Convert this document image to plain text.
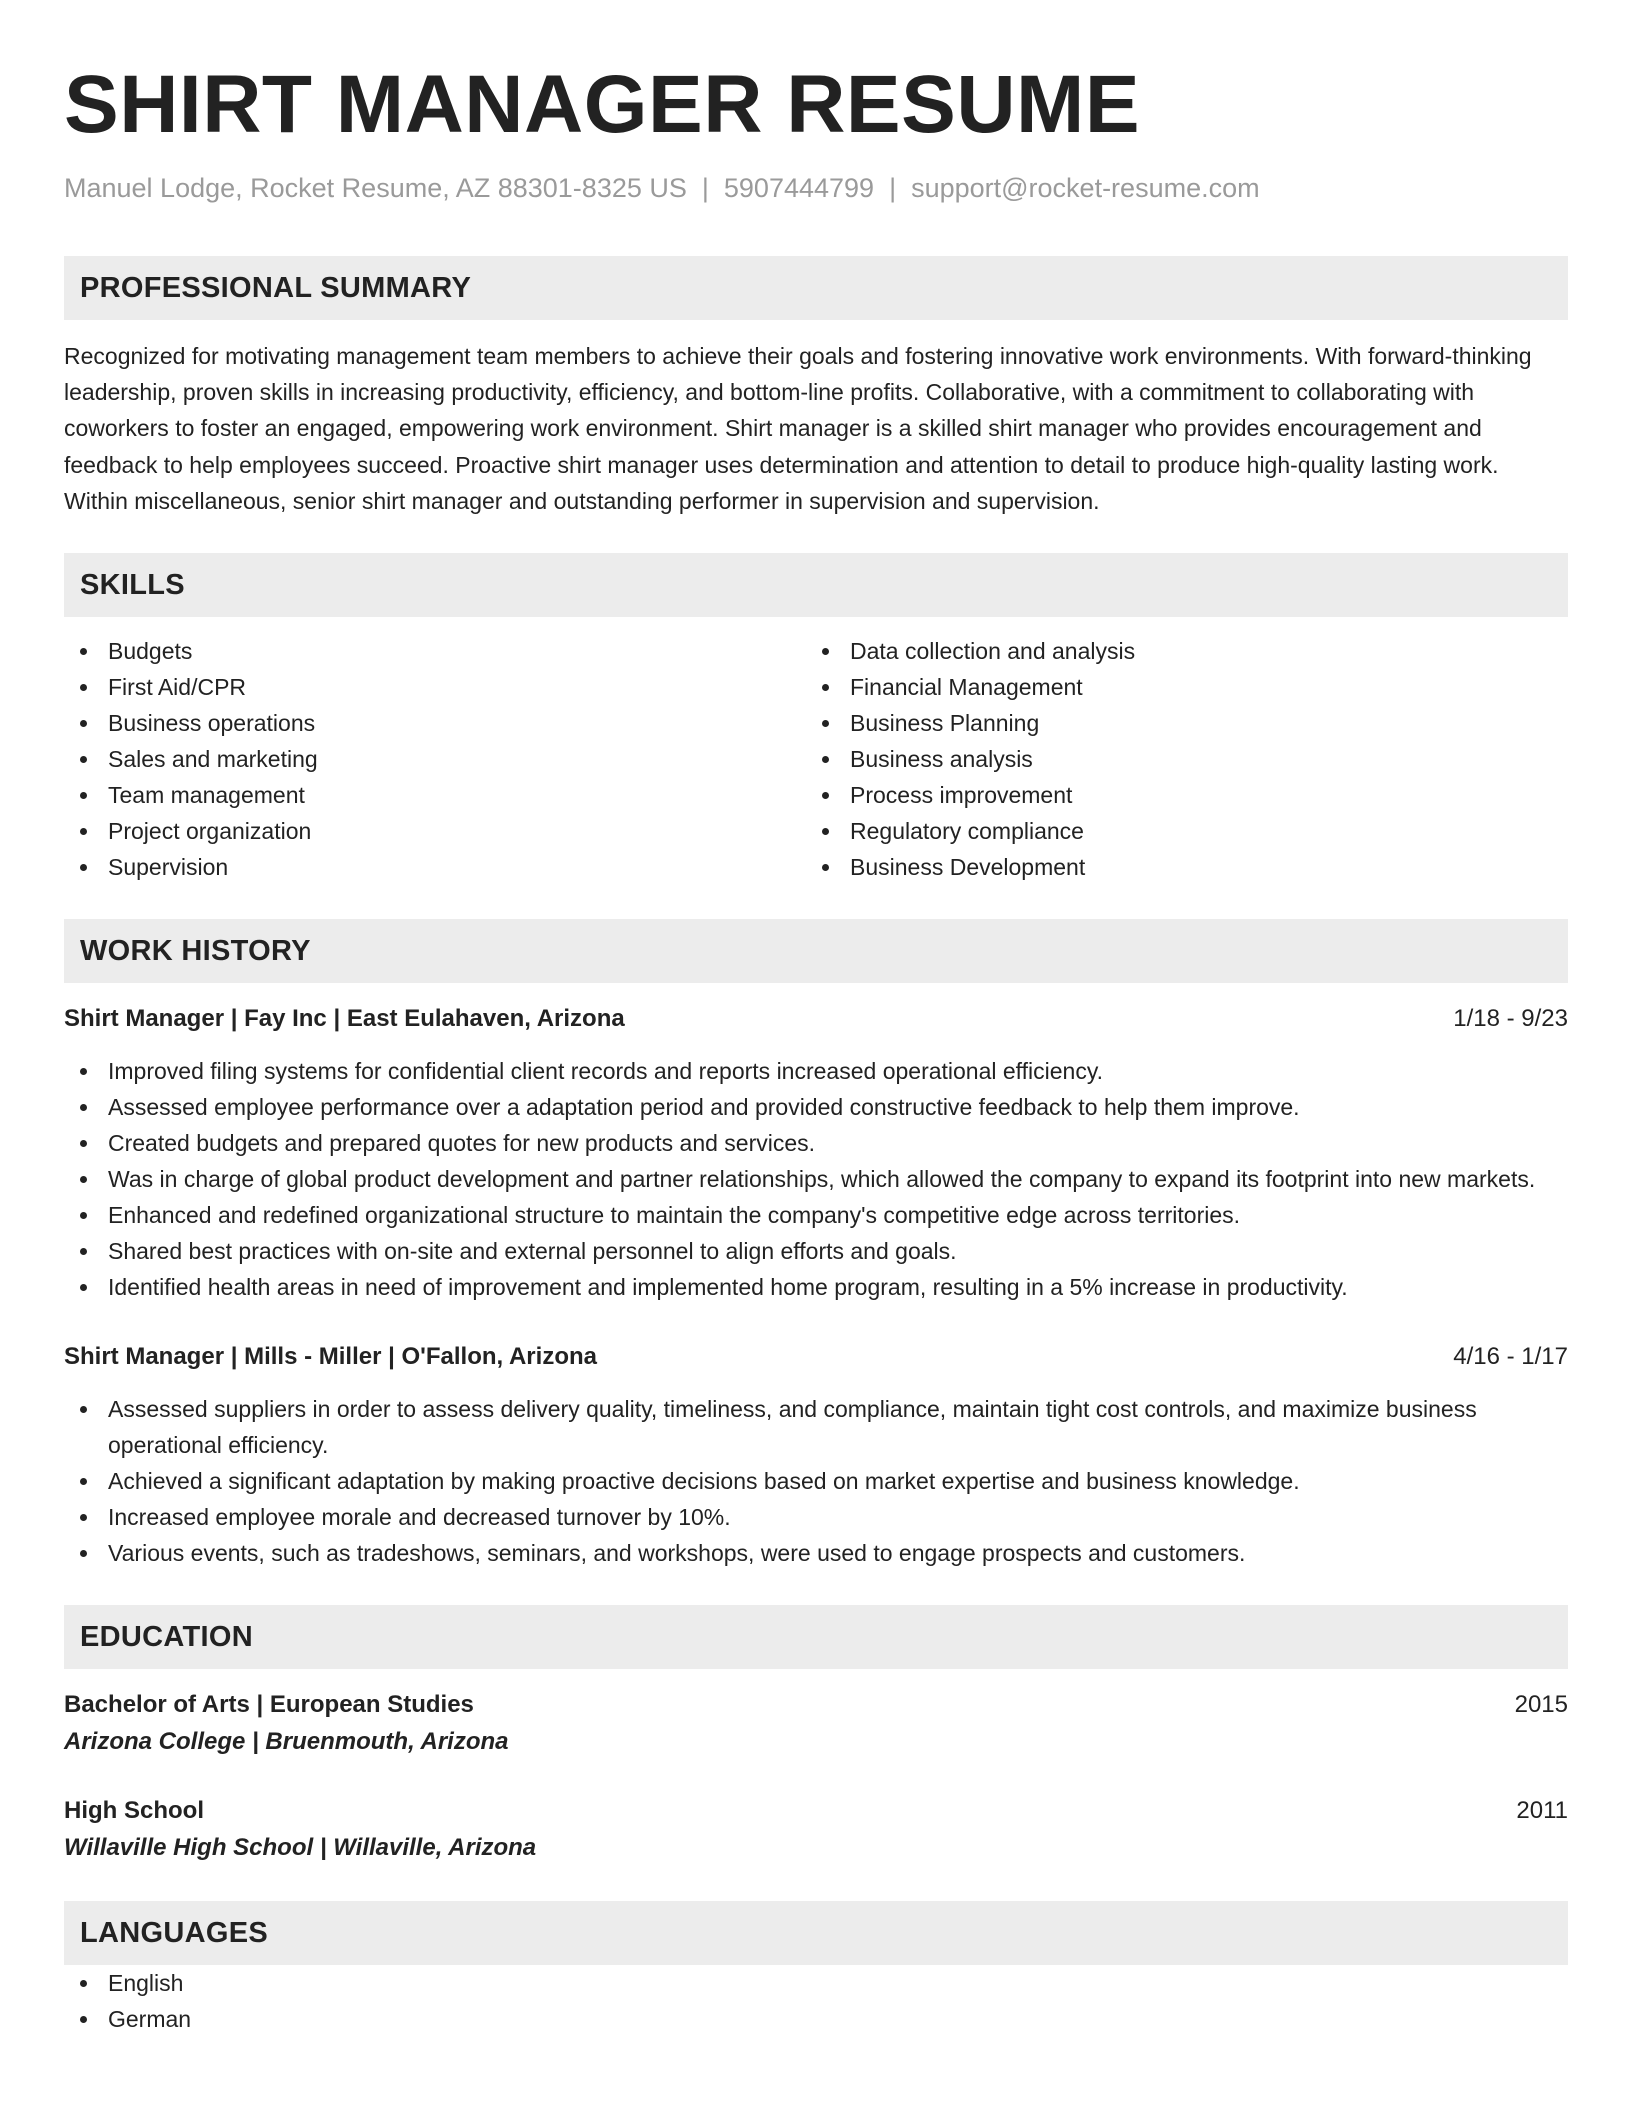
SHIRT MANAGER RESUME
Manuel Lodge, Rocket Resume, AZ 88301-8325 US | 5907444799 | support@rocket-resume.com
PROFESSIONAL SUMMARY

Recognized for motivating management team members to achieve their goals and fostering innovative work environments. With forward-thinking leadership, proven skills in increasing productivity, efficiency, and bottom-line profits. Collaborative, with a commitment to collaborating with coworkers to foster an engaged, empowering work environment. Shirt manager is a skilled shirt manager who provides encouragement and feedback to help employees succeed. Proactive shirt manager uses determination and attention to detail to produce high-quality lasting work. Within miscellaneous, senior shirt manager and outstanding performer in supervision and supervision.

SKILLS
Budgets
First Aid/CPR
Business operations
Sales and marketing
Team management
Project organization
Supervision
Data collection and analysis
Financial Management
Business Planning
Business analysis
Process improvement
Regulatory compliance
Business Development
WORK HISTORY
Shirt Manager | Fay Inc | East Eulahaven, Arizona	1/18 - 9/23
Improved filing systems for confidential client records and reports increased operational efficiency.
Assessed employee performance over a adaptation period and provided constructive feedback to help them improve.
Created budgets and prepared quotes for new products and services.
Was in charge of global product development and partner relationships, which allowed the company to expand its footprint into new markets.
Enhanced and redefined organizational structure to maintain the company's competitive edge across territories.
Shared best practices with on-site and external personnel to align efforts and goals.
Identified health areas in need of improvement and implemented home program, resulting in a 5% increase in productivity.
Shirt Manager | Mills - Miller | O'Fallon, Arizona	4/16 - 1/17
Assessed suppliers in order to assess delivery quality, timeliness, and compliance, maintain tight cost controls, and maximize business operational efficiency.
Achieved a significant adaptation by making proactive decisions based on market expertise and business knowledge.
Increased employee morale and decreased turnover by 10%.
Various events, such as tradeshows, seminars, and workshops, were used to engage prospects and customers.
EDUCATION
Bachelor of Arts | European Studies	2015
Arizona College | Bruenmouth, Arizona
High School	2011
Willaville High School | Willaville, Arizona
LANGUAGES
English
German
